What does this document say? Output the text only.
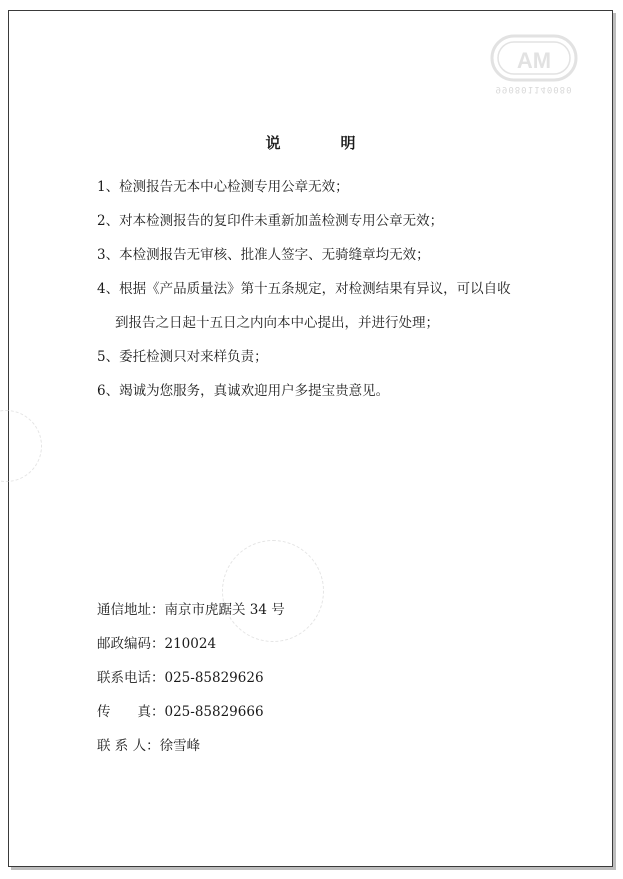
AM
990801140080
说	明
1、检测报告无本中心检测专用公章无效；
2、对本检测报告的复印件未重新加盖检测专用公章无效；
3、本检测报告无审核、批准人签字、无骑缝章均无效；
4、根据《产品质量法》第十五条规定，对检测结果有异议，可以自收
到报告之日起十五日之内向本中心提出，并进行处理；
5、委托检测只对来样负责；
6、竭诚为您服务，真诚欢迎用户多提宝贵意见。
通信地址：南京市虎踞关 34 号
邮政编码：210024
联系电话：025-85829626
传　　真：025-85829666
联 系 人：徐雪峰
